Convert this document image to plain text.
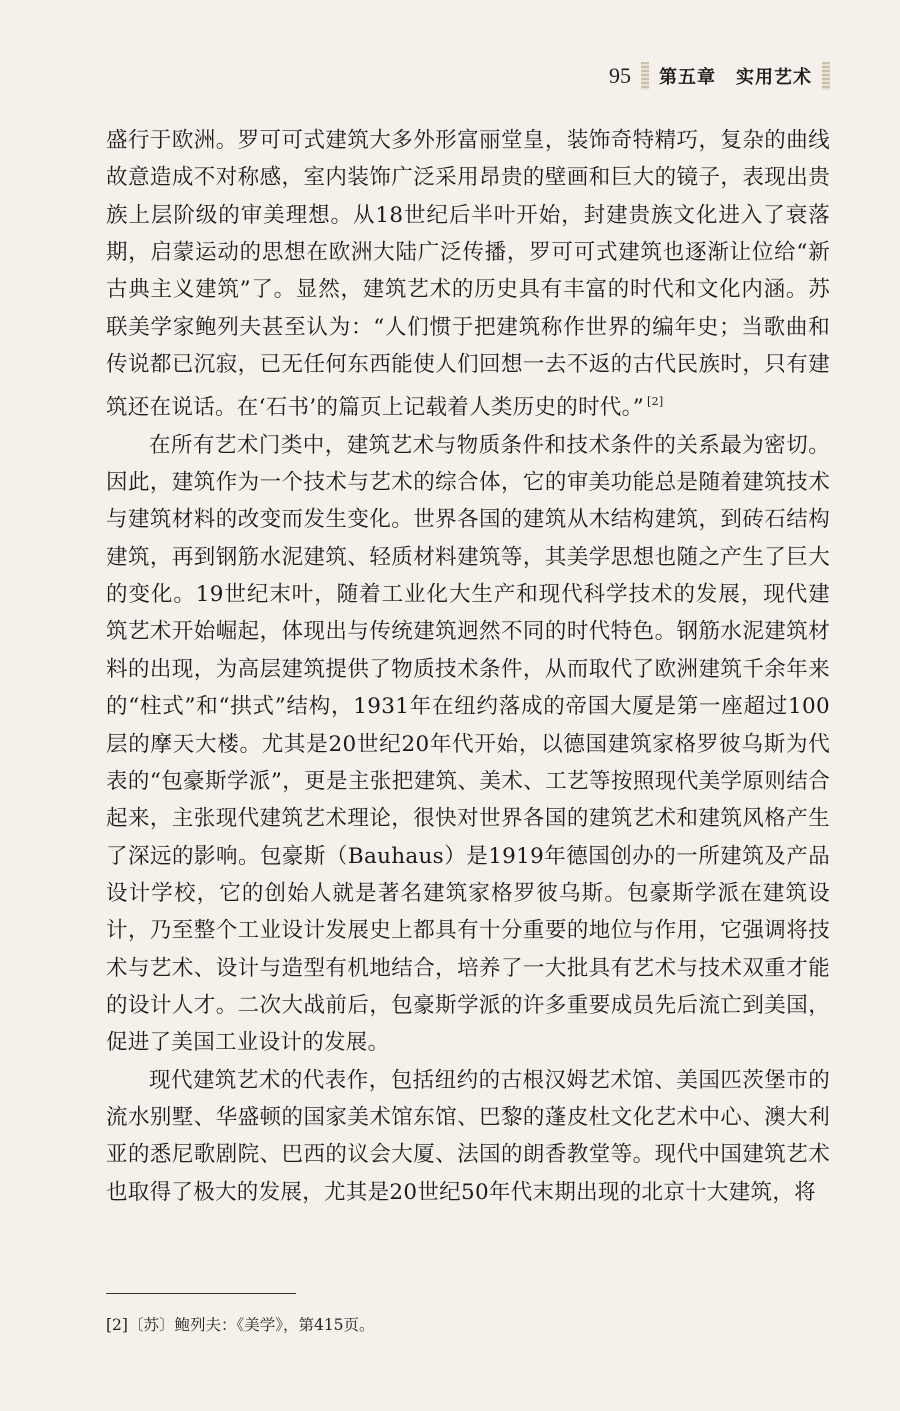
95 第五章 实用艺术

盛行于欧洲。罗可可式建筑大多外形富丽堂皇，装饰奇特精巧，复杂的曲线故意造成不对称感，室内装饰广泛采用昂贵的壁画和巨大的镜子，表现出贵族上层阶级的审美理想。从18世纪后半叶开始，封建贵族文化进入了衰落期，启蒙运动的思想在欧洲大陆广泛传播，罗可可式建筑也逐渐让位给“新古典主义建筑”了。显然，建筑艺术的历史具有丰富的时代和文化内涵。苏联美学家鲍列夫甚至认为：“人们惯于把建筑称作世界的编年史；当歌曲和传说都已沉寂，已无任何东西能使人们回想一去不返的古代民族时，只有建筑还在说话。在‘石书’的篇页上记载着人类历史的时代。” [2]

在所有艺术门类中，建筑艺术与物质条件和技术条件的关系最为密切。因此，建筑作为一个技术与艺术的综合体，它的审美功能总是随着建筑技术与建筑材料的改变而发生变化。世界各国的建筑从木结构建筑，到砖石结构建筑，再到钢筋水泥建筑、轻质材料建筑等，其美学思想也随之产生了巨大的变化。19世纪末叶，随着工业化大生产和现代科学技术的发展，现代建筑艺术开始崛起，体现出与传统建筑迥然不同的时代特色。钢筋水泥建筑材料的出现，为高层建筑提供了物质技术条件，从而取代了欧洲建筑千余年来的“柱式”和“拱式”结构，1931年在纽约落成的帝国大厦是第一座超过100层的摩天大楼。尤其是20世纪20年代开始，以德国建筑家格罗彼乌斯为代表的“包豪斯学派”，更是主张把建筑、美术、工艺等按照现代美学原则结合起来，主张现代建筑艺术理论，很快对世界各国的建筑艺术和建筑风格产生了深远的影响。包豪斯（Bauhaus）是1919年德国创办的一所建筑及产品设计学校，它的创始人就是著名建筑家格罗彼乌斯。包豪斯学派在建筑设计，乃至整个工业设计发展史上都具有十分重要的地位与作用，它强调将技术与艺术、设计与造型有机地结合，培养了一大批具有艺术与技术双重才能的设计人才。二次大战前后，包豪斯学派的许多重要成员先后流亡到美国，促进了美国工业设计的发展。

现代建筑艺术的代表作，包括纽约的古根汉姆艺术馆、美国匹茨堡市的流水别墅、华盛顿的国家美术馆东馆、巴黎的蓬皮杜文化艺术中心、澳大利亚的悉尼歌剧院、巴西的议会大厦、法国的朗香教堂等。现代中国建筑艺术也取得了极大的发展，尤其是20世纪50年代末期出现的北京十大建筑，将

[2]〔苏〕鲍列夫：《美学》，第415页。
